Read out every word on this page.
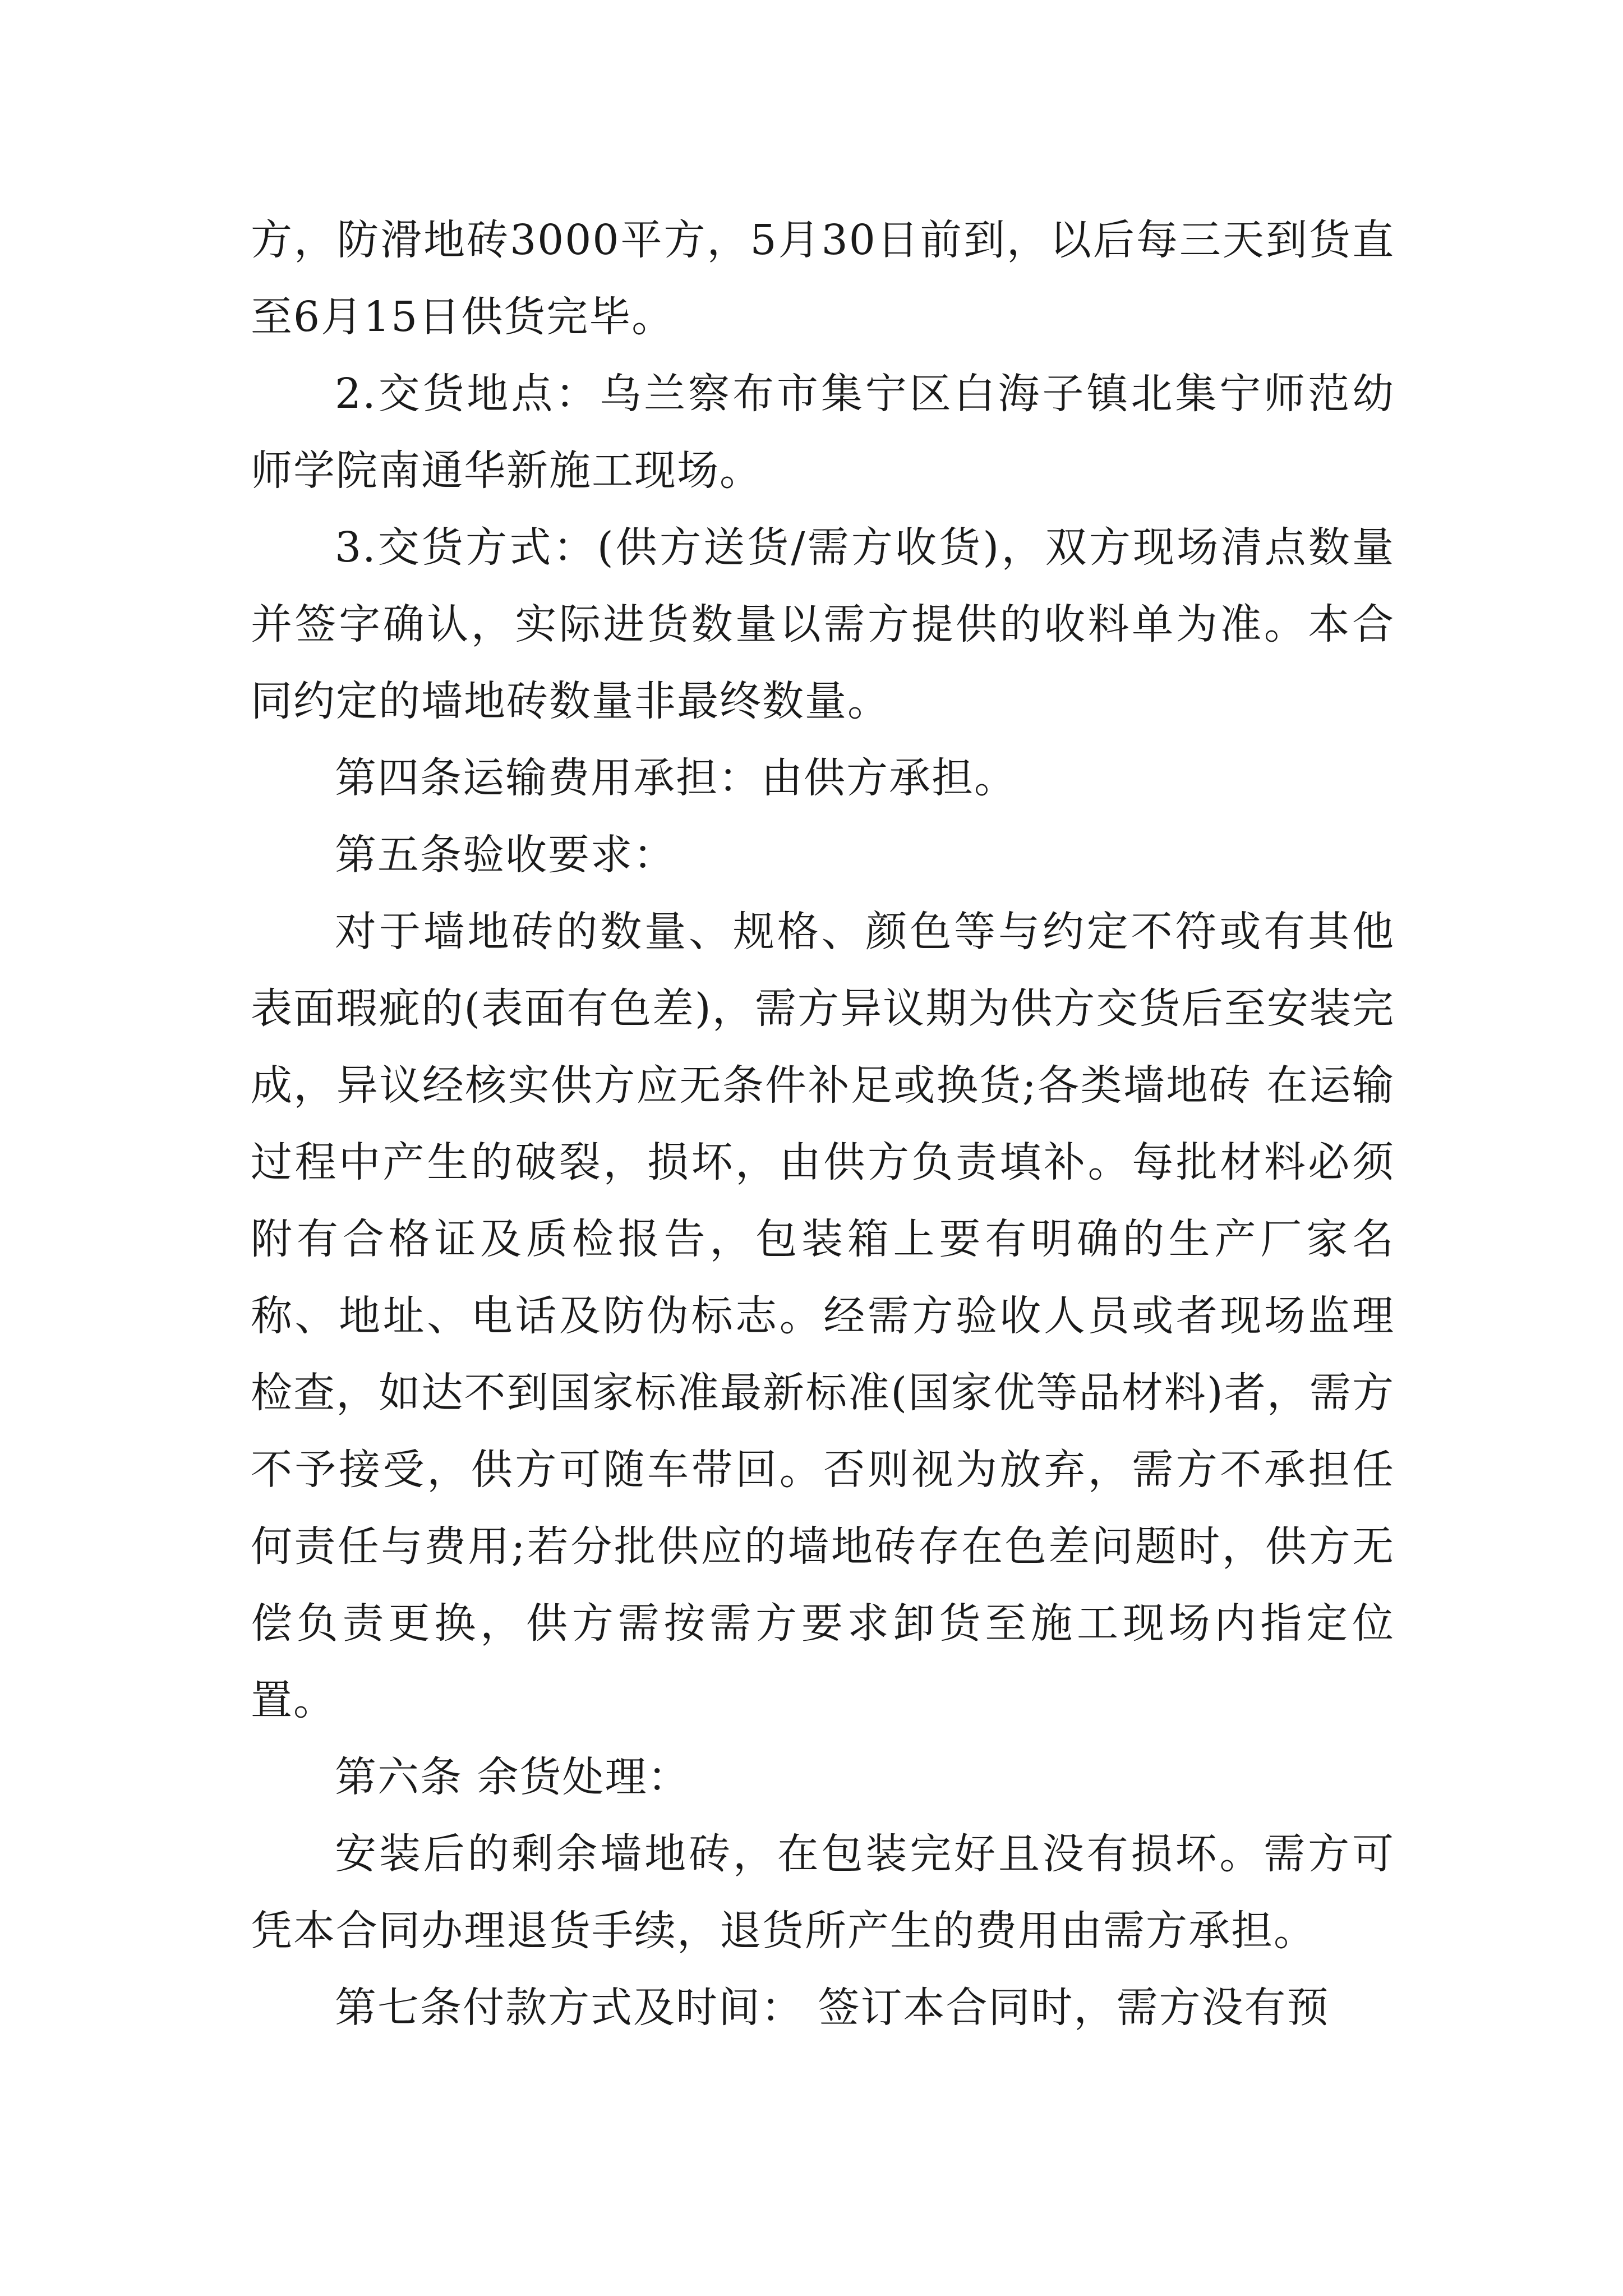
方，防滑地砖3000平方，5月30日前到，以后每三天到货直至6月15日供货完毕。

2.交货地点：乌兰察布市集宁区白海子镇北集宁师范幼师学院南通华新施工现场。

3.交货方式：(供方送货/需方收货)，双方现场清点数量并签字确认，实际进货数量以需方提供的收料单为准。本合同约定的墙地砖数量非最终数量。

第四条运输费用承担：由供方承担。

第五条验收要求：

对于墙地砖的数量、规格、颜色等与约定不符或有其他表面瑕疵的(表面有色差)，需方异议期为供方交货后至安装完成，异议经核实供方应无条件补足或换货;各类墙地砖 在运输过程中产生的破裂，损坏，由供方负责填补。每批材料必须附有合格证及质检报告，包装箱上要有明确的生产厂家名称、地址、电话及防伪标志。经需方验收人员或者现场监理检查，如达不到国家标准最新标准(国家优等品材料)者，需方不予接受，供方可随车带回。否则视为放弃，需方不承担任何责任与费用;若分批供应的墙地砖存在色差问题时，供方无偿负责更换，供方需按需方要求卸货至施工现场内指定位置。

第六条 余货处理：

安装后的剩余墙地砖，在包装完好且没有损坏。需方可凭本合同办理退货手续，退货所产生的费用由需方承担。

第七条付款方式及时间： 签订本合同时，需方没有预
